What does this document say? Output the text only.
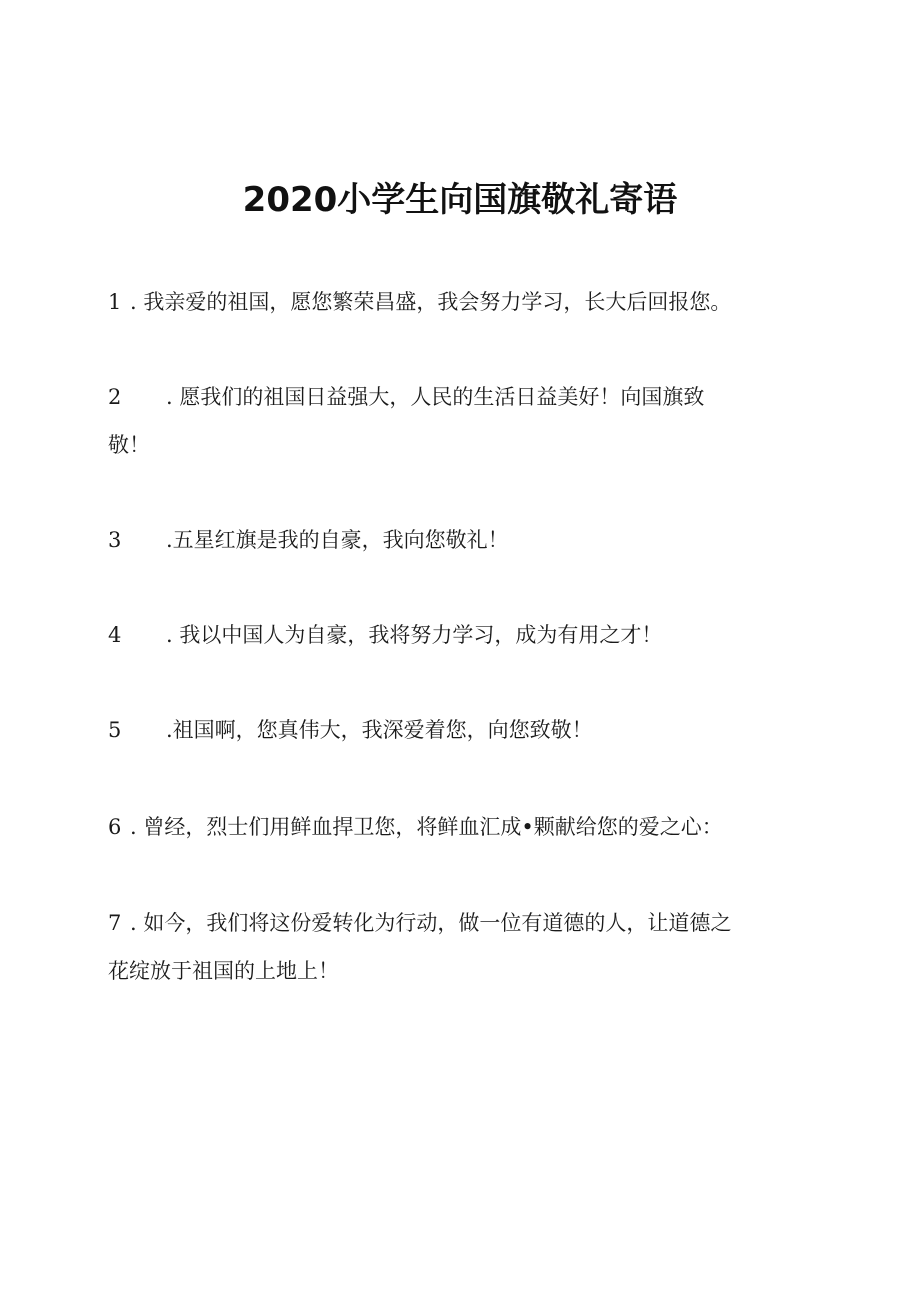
2020小学生向国旗敬礼寄语
1 . 我亲爱的祖国，愿您繁荣昌盛，我会努力学习，长大后回报您。
2 . 愿我们的祖国日益强大，人民的生活日益美好！向国旗致
敬！
3 .五星红旗是我的自豪，我向您敬礼！
4 . 我以中国人为自豪，我将努力学习，成为有用之才！
5 .祖国啊，您真伟大，我深爱着您，向您致敬！
6 . 曾经，烈士们用鲜血捍卫您，将鲜血汇成•颗献给您的爱之心：
7 . 如今，我们将这份爱转化为行动，做一位有道德的人，让道德之
花绽放于祖国的上地上！
